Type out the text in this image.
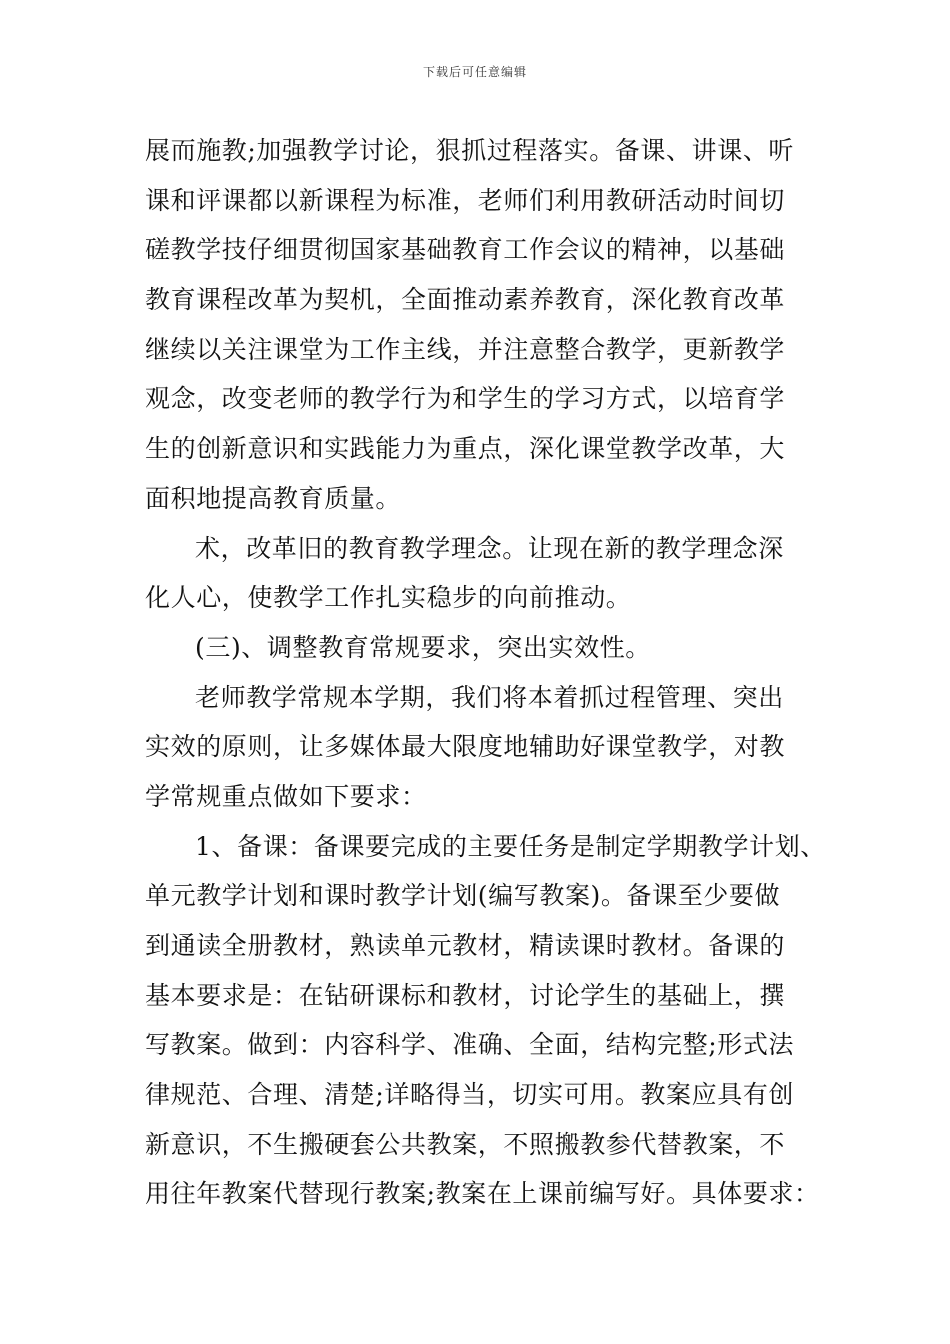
下载后可任意编辑
展而施教;加强教学讨论，狠抓过程落实。备课、讲课、听
课和评课都以新课程为标准，老师们利用教研活动时间切
磋教学技仔细贯彻国家基础教育工作会议的精神，以基础
教育课程改革为契机，全面推动素养教育，深化教育改革
继续以关注课堂为工作主线，并注意整合教学，更新教学
观念，改变老师的教学行为和学生的学习方式，以培育学
生的创新意识和实践能力为重点，深化课堂教学改革，大
面积地提高教育质量。
术，改革旧的教育教学理念。让现在新的教学理念深
化人心，使教学工作扎实稳步的向前推动。
(三)、调整教育常规要求，突出实效性。
老师教学常规本学期，我们将本着抓过程管理、突出
实效的原则，让多媒体最大限度地辅助好课堂教学，对教
学常规重点做如下要求：
1、备课：备课要完成的主要任务是制定学期教学计划、
单元教学计划和课时教学计划(编写教案)。备课至少要做
到通读全册教材，熟读单元教材，精读课时教材。备课的
基本要求是：在钻研课标和教材，讨论学生的基础上，撰
写教案。做到：内容科学、准确、全面，结构完整;形式法
律规范、合理、清楚;详略得当，切实可用。教案应具有创
新意识，不生搬硬套公共教案，不照搬教参代替教案，不
用往年教案代替现行教案;教案在上课前编写好。具体要求：
